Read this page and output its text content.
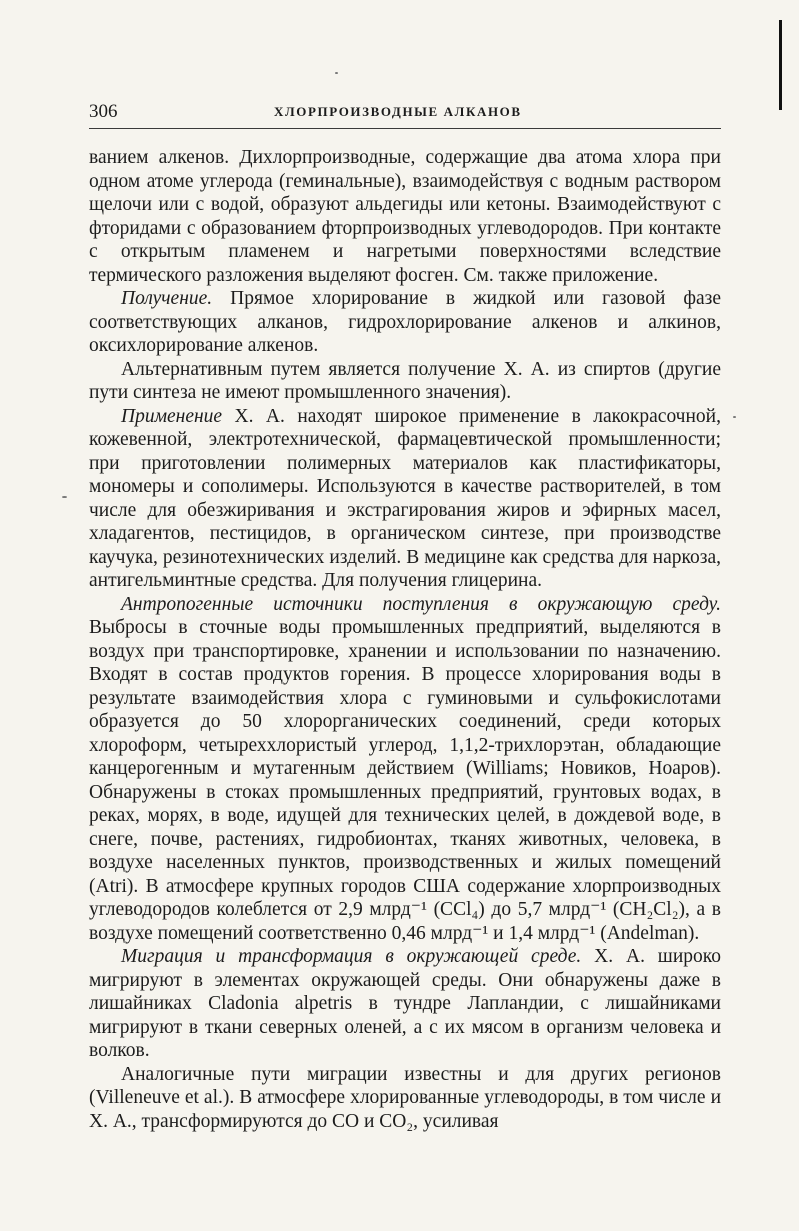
306	ХЛОРПРОИЗВОДНЫЕ АЛКАНОВ

ванием алкенов. Дихлорпроизводные, содержащие два атома хлора при одном атоме углерода (геминальные), взаимодействуя с водным раствором щелочи или с водой, образуют альдегиды или кетоны. Взаимодействуют с фторидами с образованием фторпроизводных углеводородов. При контакте с открытым пламенем и нагретыми поверхностями вследствие термического разложения выделяют фосген. См. также приложение.

Получение. Прямое хлорирование в жидкой или газовой фазе соответствующих алканов, гидрохлорирование алкенов и алкинов, оксихлорирование алкенов.

Альтернативным путем является получение Х. А. из спиртов (другие пути синтеза не имеют промышленного значения).

Применение Х. А. находят широкое применение в лакокрасочной, кожевенной, электротехнической, фармацевтической промышленности; при приготовлении полимерных материалов как пластификаторы, мономеры и сополимеры. Используются в качестве растворителей, в том числе для обезжиривания и экстрагирования жиров и эфирных масел, хладагентов, пестицидов, в органическом синтезе, при производстве каучука, резинотехнических изделий. В медицине как средства для наркоза, антигельминтные средства. Для получения глицерина.

Антропогенные источники поступления в окружающую среду. Выбросы в сточные воды промышленных предприятий, выделяются в воздух при транспортировке, хранении и использовании по назначению. Входят в состав продуктов горения. В процессе хлорирования воды в результате взаимодействия хлора с гуминовыми и сульфокислотами образуется до 50 хлорорганических соединений, среди которых хлороформ, четыреххлористый углерод, 1,1,2-трихлорэтан, обладающие канцерогенным и мутагенным действием (Williams; Новиков, Ноаров). Обнаружены в стоках промышленных предприятий, грунтовых водах, в реках, морях, в воде, идущей для технических целей, в дождевой воде, в снеге, почве, растениях, гидробионтах, тканях животных, человека, в воздухе населенных пунктов, производственных и жилых помещений (Atri). В атмосфере крупных городов США содержание хлорпроизводных углеводородов колеблется от 2,9 млрд⁻¹ (CCl₄) до 5,7 млрд⁻¹ (CH₂Cl₂), а в воздухе помещений соответственно 0,46 млрд⁻¹ и 1,4 млрд⁻¹ (Andelman).

Миграция и трансформация в окружающей среде. Х. А. широко мигрируют в элементах окружающей среды. Они обнаружены даже в лишайниках Cladonia alpetris в тундре Лапландии, с лишайниками мигрируют в ткани северных оленей, а с их мясом в организм человека и волков.

Аналогичные пути миграции известны и для других регионов (Villeneuve et al.). В атмосфере хлорированные углеводороды, в том числе и Х. А., трансформируются до CO и CO₂, усиливая
